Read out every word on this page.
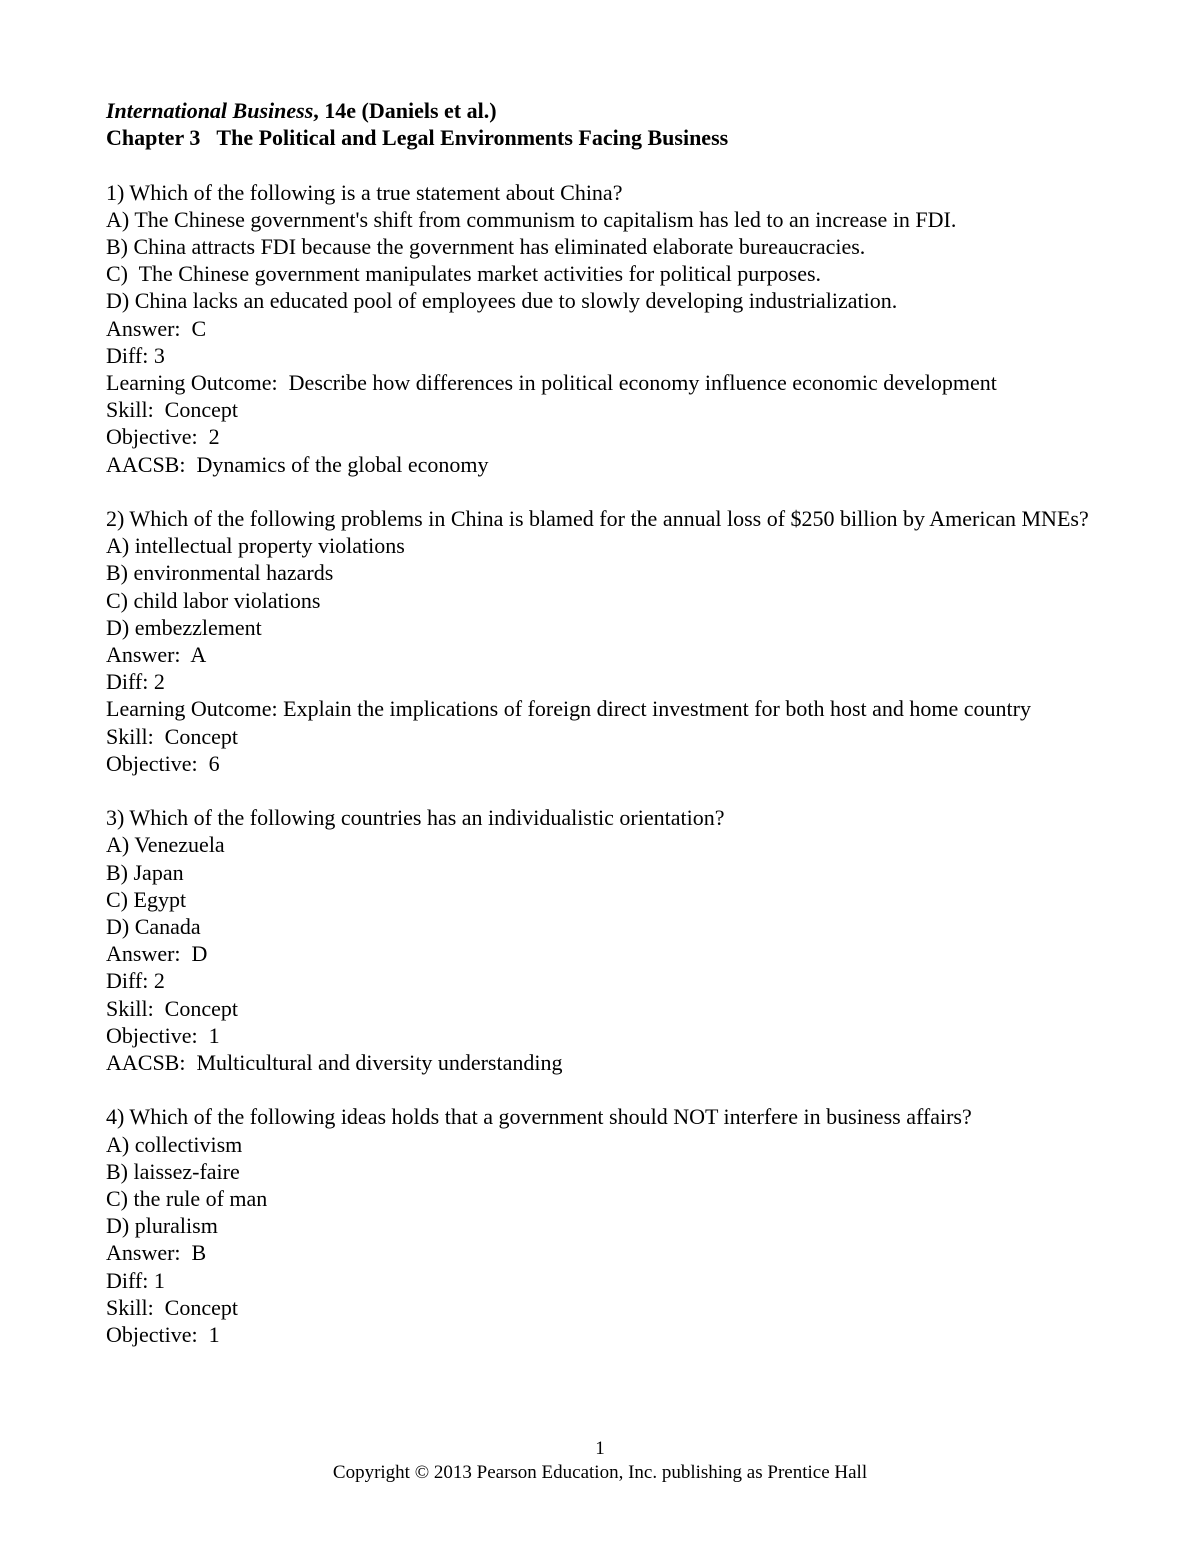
International Business, 14e (Daniels et al.)
Chapter 3   The Political and Legal Environments Facing Business
1) Which of the following is a true statement about China?
A) The Chinese government's shift from communism to capitalism has led to an increase in FDI.
B) China attracts FDI because the government has eliminated elaborate bureaucracies.
C)  The Chinese government manipulates market activities for political purposes.
D) China lacks an educated pool of employees due to slowly developing industrialization.
Answer:  C
Diff: 3
Learning Outcome:  Describe how differences in political economy influence economic development
Skill:  Concept
Objective:  2
AACSB:  Dynamics of the global economy
2) Which of the following problems in China is blamed for the annual loss of $250 billion by American MNEs?
A) intellectual property violations
B) environmental hazards
C) child labor violations
D) embezzlement
Answer:  A
Diff: 2
Learning Outcome: Explain the implications of foreign direct investment for both host and home country
Skill:  Concept
Objective:  6
3) Which of the following countries has an individualistic orientation?
A) Venezuela
B) Japan
C) Egypt
D) Canada
Answer:  D
Diff: 2
Skill:  Concept
Objective:  1
AACSB:  Multicultural and diversity understanding
4) Which of the following ideas holds that a government should NOT interfere in business affairs?
A) collectivism
B) laissez-faire
C) the rule of man
D) pluralism
Answer:  B
Diff: 1
Skill:  Concept
Objective:  1
1
Copyright © 2013 Pearson Education, Inc. publishing as Prentice Hall
